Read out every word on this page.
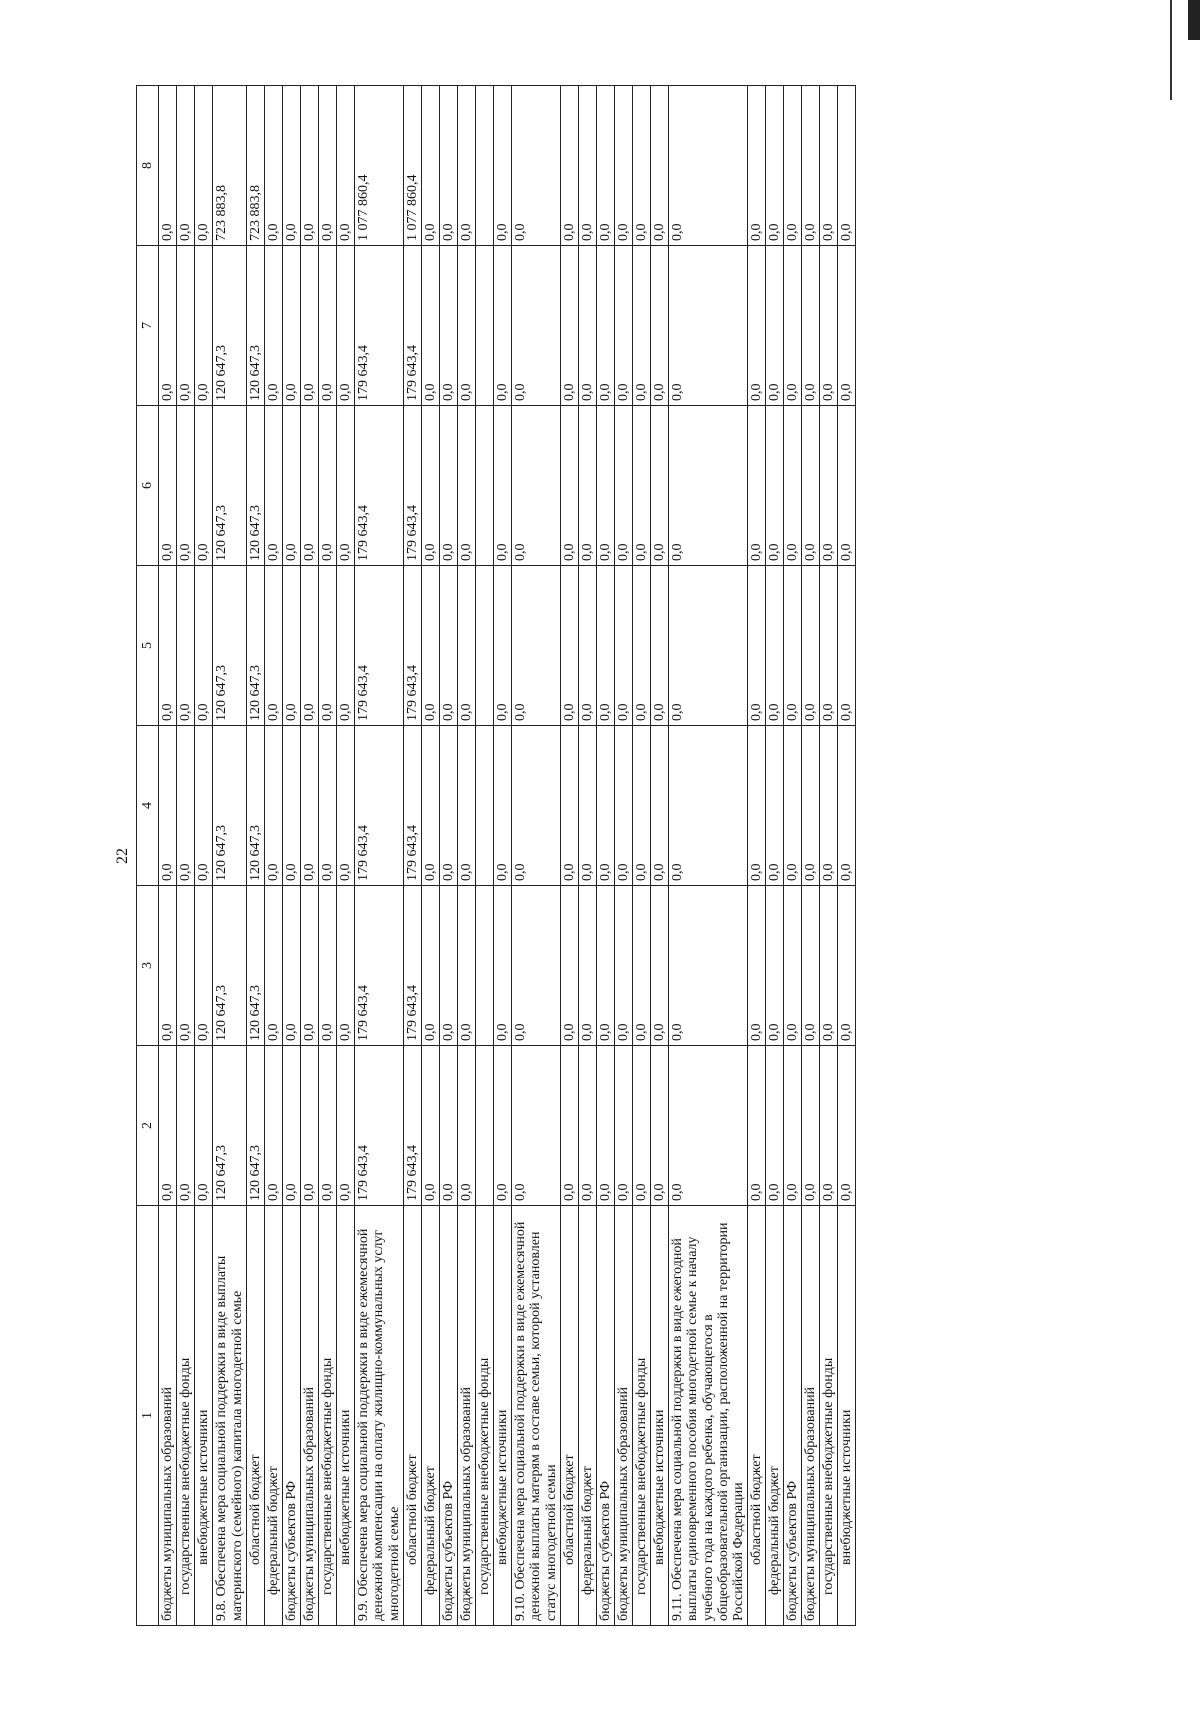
22
1	2	3	4	5	6	7	8
бюджеты муниципальных образований	0,0	0,0	0,0	0,0	0,0	0,0	0,0
государственные внебюджетные фонды	0,0	0,0	0,0	0,0	0,0	0,0	0,0
внебюджетные источники	0,0	0,0	0,0	0,0	0,0	0,0	0,0
9.8. Обеспечена мера социальной поддержки в виде выплаты материнского (семейного) капитала многодетной семье	120 647,3	120 647,3	120 647,3	120 647,3	120 647,3	120 647,3	723 883,8
областной бюджет	120 647,3	120 647,3	120 647,3	120 647,3	120 647,3	120 647,3	723 883,8
федеральный бюджет	0,0	0,0	0,0	0,0	0,0	0,0	0,0
бюджеты субъектов РФ	0,0	0,0	0,0	0,0	0,0	0,0	0,0
бюджеты муниципальных образований	0,0	0,0	0,0	0,0	0,0	0,0	0,0
государственные внебюджетные фонды	0,0	0,0	0,0	0,0	0,0	0,0	0,0
внебюджетные источники	0,0	0,0	0,0	0,0	0,0	0,0	0,0
9.9. Обеспечена мера социальной поддержки в виде ежемесячной денежной компенсации на оплату жилищно-коммунальных услуг многодетной семье	179 643,4	179 643,4	179 643,4	179 643,4	179 643,4	179 643,4	1 077 860,4
областной бюджет	179 643,4	179 643,4	179 643,4	179 643,4	179 643,4	179 643,4	1 077 860,4
федеральный бюджет	0,0	0,0	0,0	0,0	0,0	0,0	0,0
бюджеты субъектов РФ	0,0	0,0	0,0	0,0	0,0	0,0	0,0
бюджеты муниципальных образований	0,0	0,0	0,0	0,0	0,0	0,0	0,0
государственные внебюджетные фонды							
внебюджетные источники	0,0	0,0	0,0	0,0	0,0	0,0	0,0
9.10. Обеспечена мера социальной поддержки в виде ежемесячной денежной выплаты матерям в составе семьи, которой установлен статус многодетной семьи	0,0	0,0	0,0	0,0	0,0	0,0	0,0
областной бюджет	0,0	0,0	0,0	0,0	0,0	0,0	0,0
федеральный бюджет	0,0	0,0	0,0	0,0	0,0	0,0	0,0
бюджеты субъектов РФ	0,0	0,0	0,0	0,0	0,0	0,0	0,0
бюджеты муниципальных образований	0,0	0,0	0,0	0,0	0,0	0,0	0,0
государственные внебюджетные фонды	0,0	0,0	0,0	0,0	0,0	0,0	0,0
внебюджетные источники	0,0	0,0	0,0	0,0	0,0	0,0	0,0
9.11. Обеспечена мера социальной поддержки в виде ежегодной выплаты единовременного пособия многодетной семье к началу учебного года на каждого ребенка, обучающегося в общеобразовательной организации, расположенной на территории Российской Федерации	0,0	0,0	0,0	0,0	0,0	0,0	0,0
областной бюджет	0,0	0,0	0,0	0,0	0,0	0,0	0,0
федеральный бюджет	0,0	0,0	0,0	0,0	0,0	0,0	0,0
бюджеты субъектов РФ	0,0	0,0	0,0	0,0	0,0	0,0	0,0
бюджеты муниципальных образований	0,0	0,0	0,0	0,0	0,0	0,0	0,0
государственные внебюджетные фонды	0,0	0,0	0,0	0,0	0,0	0,0	0,0
внебюджетные источники	0,0	0,0	0,0	0,0	0,0	0,0	0,0
